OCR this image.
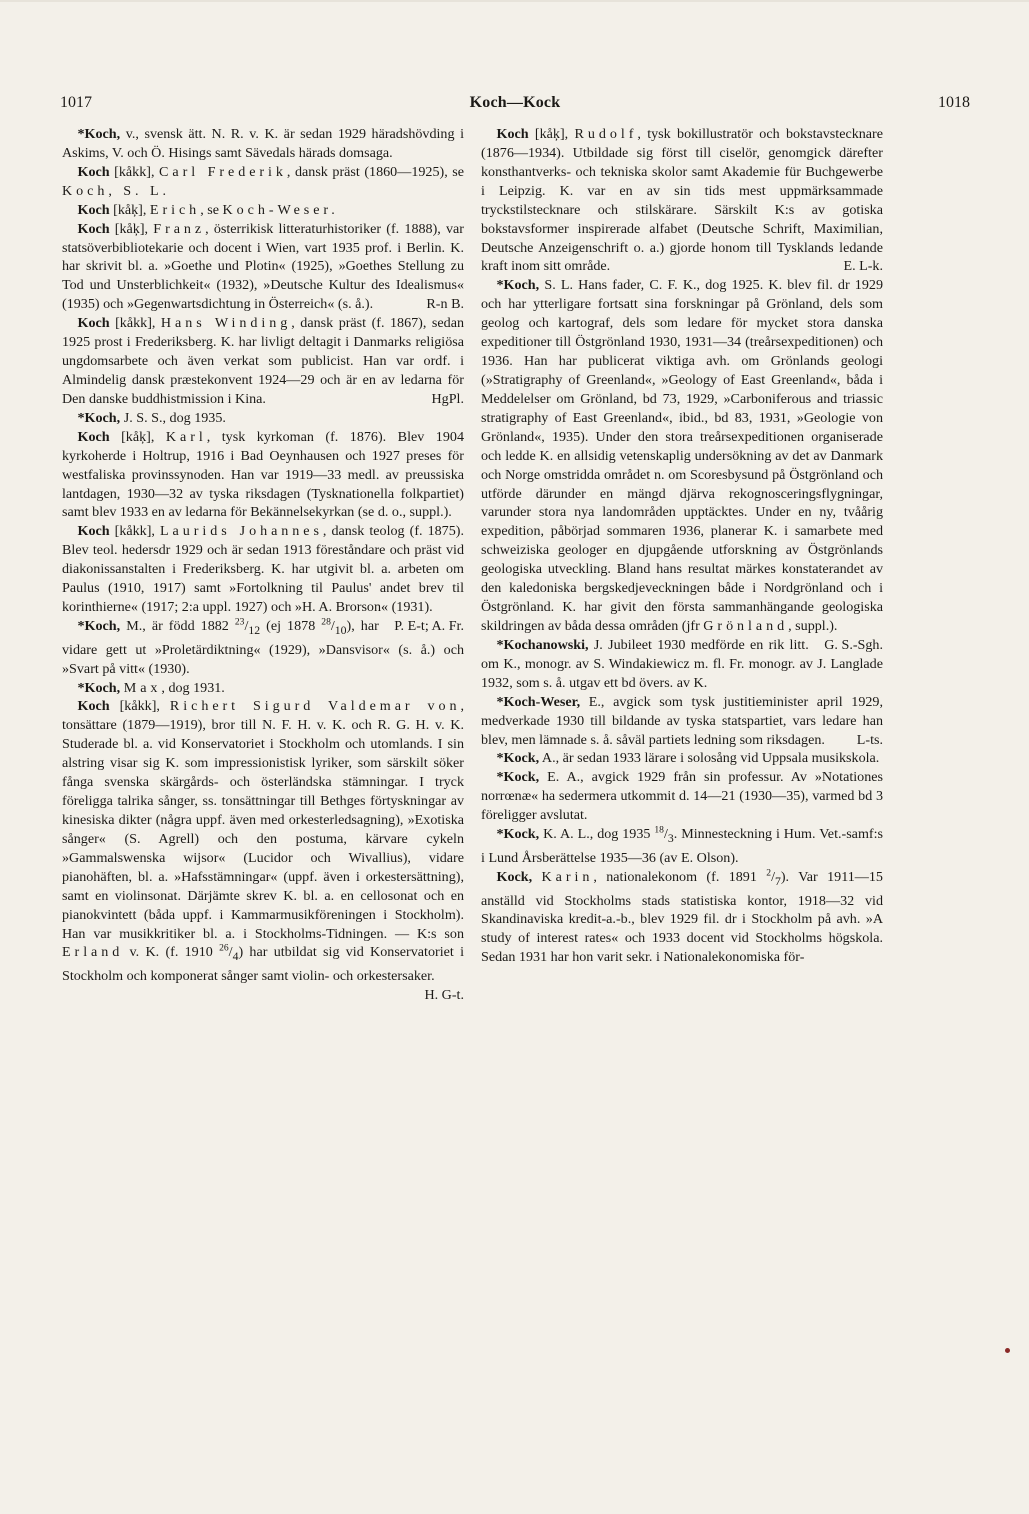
1017	Koch—Kock	1018

*Koch, v., svensk ätt. N. R. v. K. är sedan 1929 häradshövding i Askims, V. och Ö. Hisings samt Sävedals härads domsaga.

Koch [kåkk], Carl Frederik, dansk präst (1860—1925), se Koch, S. L.

Koch [kåķ], Erich, se Koch-Weser.

Koch [kåķ], Franz, österrikisk litteraturhistoriker (f. 1888), var statsöverbibliotekarie och docent i Wien, vart 1935 prof. i Berlin. K. har skrivit bl. a. »Goethe und Plotin« (1925), »Goethes Stellung zu Tod und Unsterblichkeit« (1932), »Deutsche Kultur des Idealismus« (1935) och »Gegenwartsdichtung in Österreich« (s. å.).	R-n B.

Koch [kåkk], Hans Winding, dansk präst (f. 1867), sedan 1925 prost i Frederiksberg. K. har livligt deltagit i Danmarks religiösa ungdomsarbete och även verkat som publicist. Han var ordf. i Almindelig dansk præstekonvent 1924—29 och är en av ledarna för Den danske buddhistmission i Kina.	HgPl.

*Koch, J. S. S., dog 1935.

Koch [kåķ], Karl, tysk kyrkoman (f. 1876). Blev 1904 kyrkoherde i Holtrup, 1916 i Bad Oeynhausen och 1927 preses för westfaliska provinssynoden. Han var 1919—33 medl. av preussiska lantdagen, 1930—32 av tyska riksdagen (Tysknationella folkpartiet) samt blev 1933 en av ledarna för Bekännelsekyrkan (se d. o., suppl.).

Koch [kåkk], Laurids Johannes, dansk teolog (f. 1875). Blev teol. hedersdr 1929 och är sedan 1913 föreståndare och präst vid diakonissanstalten i Frederiksberg. K. har utgivit bl. a. arbeten om Paulus (1910, 1917) samt »Fortolkning til Paulus' andet brev til korinthierne« (1917; 2:a uppl. 1927) och »H. A. Brorson« (1931).
P. E-t; A. Fr.

*Koch, M., är född 1882 $^{23}/_{12}$ (ej 1878 $^{28}/_{10}$), har vidare gett ut »Proletärdiktning« (1929), »Dansvisor« (s. å.) och »Svart på vitt« (1930).

*Koch, Max, dog 1931.

Koch [kåkk], Richert Sigurd Valdemar von, tonsättare (1879—1919), bror till N. F. H. v. K. och R. G. H. v. K. Studerade bl. a. vid Konservatoriet i Stockholm och utomlands. I sin alstring visar sig K. som impressionistisk lyriker, som särskilt söker fånga svenska skärgårds- och österländska stämningar. I tryck föreligga talrika sånger, ss. tonsättningar till Bethges förtyskningar av kinesiska dikter (några uppf. även med orkesterledsagning), »Exotiska sånger« (S. Agrell) och den postuma, kärvare cykeln »Gammalswenska wijsor« (Lucidor och Wivallius), vidare pianohäften, bl. a. »Hafsstämningar« (uppf. även i orkestersättning), samt en violinsonat. Därjämte skrev K. bl. a. en cellosonat och en pianokvintett (båda uppf. i Kammarmusikföreningen i Stockholm). Han var musikkritiker bl. a. i Stockholms-Tidningen. — K:s son Erland v. K. (f. 1910 $^{26}/_4$) har utbildat sig vid Konservatoriet i Stockholm och komponerat sånger samt violin- och orkestersaker.
H. G-t.

Koch [kåķ], Rudolf, tysk bokillustratör och bokstavstecknare (1876—1934). Utbildade sig först till ciselör, genomgick därefter konsthantverks- och tekniska skolor samt Akademie für Buchgewerbe i Leipzig. K. var en av sin tids mest uppmärksammade tryckstilstecknare och stilskärare. Särskilt K:s av gotiska bokstavsformer inspirerade alfabet (Deutsche Schrift, Maximilian, Deutsche Anzeigenschrift o. a.) gjorde honom till Tysklands ledande kraft inom sitt område.	E. L-k.

*Koch, S. L. Hans fader, C. F. K., dog 1925. K. blev fil. dr 1929 och har ytterligare fortsatt sina forskningar på Grönland, dels som geolog och kartograf, dels som ledare för mycket stora danska expeditioner till Östgrönland 1930, 1931—34 (treårsexpeditionen) och 1936. Han har publicerat viktiga avh. om Grönlands geologi (»Stratigraphy of Greenland«, »Geology of East Greenland«, båda i Meddelelser om Grönland, bd 73, 1929, »Carboniferous and triassic stratigraphy of East Greenland«, ibid., bd 83, 1931, »Geologie von Grönland«, 1935). Under den stora treårsexpeditionen organiserade och ledde K. en allsidig vetenskaplig undersökning av det av Danmark och Norge omstridda området n. om Scoresbysund på Östgrönland och utförde därunder en mängd djärva rekognosceringsflygningar, varunder stora nya landområden upptäcktes. Under en ny, tvåårig expedition, påbörjad sommaren 1936, planerar K. i samarbete med schweiziska geologer en djupgående utforskning av Östgrönlands geologiska utveckling. Bland hans resultat märkes konstaterandet av den kaledoniska bergskedjeveckningen både i Nordgrönland och i Östgrönland. K. har givit den första sammanhängande geologiska skildringen av båda dessa områden (jfr Grönland, suppl.).
G. S.-Sgh.

*Kochanowski, J. Jubileet 1930 medförde en rik litt. om K., monogr. av S. Windakiewicz m. fl. Fr. monogr. av J. Langlade 1932, som s. å. utgav ett bd övers. av K.

*Koch-Weser, E., avgick som tysk justitieminister april 1929, medverkade 1930 till bildande av tyska statspartiet, vars ledare han blev, men lämnade s. å. såväl partiets ledning som riksdagen.	L-ts.

*Kock, A., är sedan 1933 lärare i solosång vid Uppsala musikskola.

*Kock, E. A., avgick 1929 från sin professur. Av »Notationes norrœnæ« ha sedermera utkommit d. 14—21 (1930—35), varmed bd 3 föreligger avslutat.

*Kock, K. A. L., dog 1935 $^{18}/_3$. Minnesteckning i Hum. Vet.-samf:s i Lund Årsberättelse 1935—36 (av E. Olson).

Kock, Karin, nationalekonom (f. 1891 $^2/_7$). Var 1911—15 anställd vid Stockholms stads statistiska kontor, 1918—32 vid Skandinaviska kredit-a.-b., blev 1929 fil. dr i Stockholm på avh. »A study of interest rates« och 1933 docent vid Stockholms högskola. Sedan 1931 har hon varit sekr. i Nationalekonomiska för-
